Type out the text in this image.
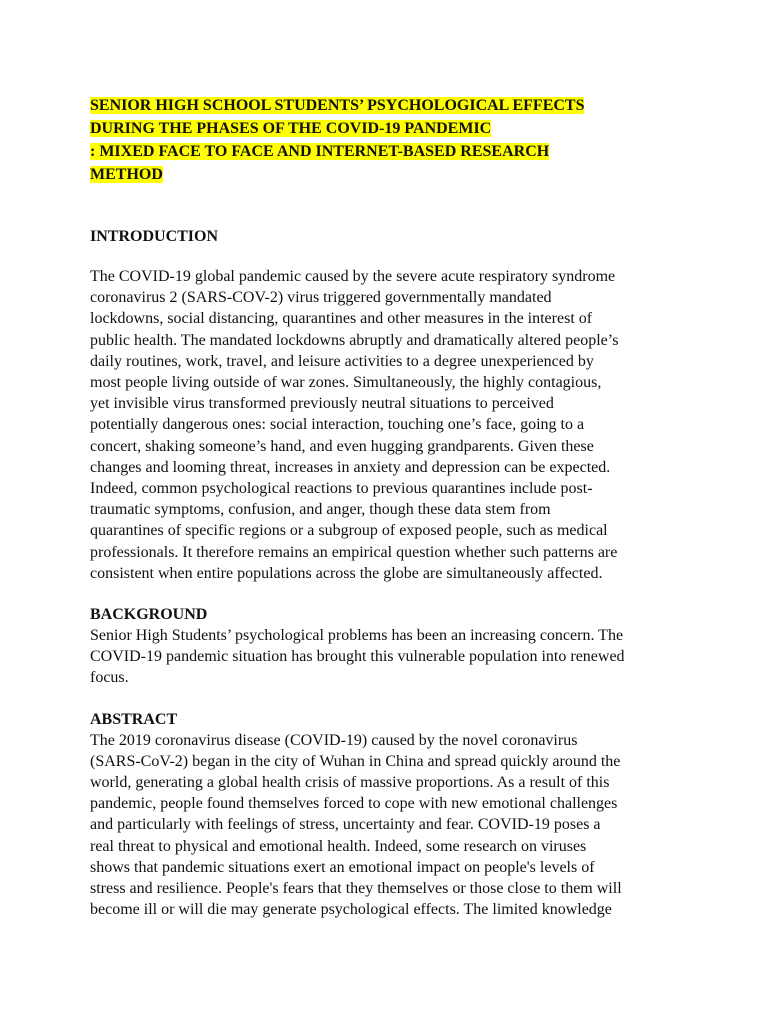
SENIOR HIGH SCHOOL STUDENTS’ PSYCHOLOGICAL EFFECTS
DURING THE PHASES OF THE COVID-19 PANDEMIC
: MIXED FACE TO FACE AND INTERNET-BASED RESEARCH
METHOD
INTRODUCTION

The COVID-19 global pandemic caused by the severe acute respiratory syndrome
coronavirus 2 (SARS-COV-2) virus triggered governmentally mandated
lockdowns, social distancing, quarantines and other measures in the interest of
public health. The mandated lockdowns abruptly and dramatically altered people’s
daily routines, work, travel, and leisure activities to a degree unexperienced by
most people living outside of war zones. Simultaneously, the highly contagious,
yet invisible virus transformed previously neutral situations to perceived
potentially dangerous ones: social interaction, touching one’s face, going to a
concert, shaking someone’s hand, and even hugging grandparents. Given these
changes and looming threat, increases in anxiety and depression can be expected.
Indeed, common psychological reactions to previous quarantines include post-
traumatic symptoms, confusion, and anger, though these data stem from
quarantines of specific regions or a subgroup of exposed people, such as medical
professionals. It therefore remains an empirical question whether such patterns are
consistent when entire populations across the globe are simultaneously affected.

BACKGROUND

Senior High Students’ psychological problems has been an increasing concern. The
COVID-19 pandemic situation has brought this vulnerable population into renewed
focus.

ABSTRACT

The 2019 coronavirus disease (COVID-19) caused by the novel coronavirus
(SARS-CoV-2) began in the city of Wuhan in China and spread quickly around the
world, generating a global health crisis of massive proportions. As a result of this
pandemic, people found themselves forced to cope with new emotional challenges
and particularly with feelings of stress, uncertainty and fear. COVID-19 poses a
real threat to physical and emotional health. Indeed, some research on viruses
shows that pandemic situations exert an emotional impact on people's levels of
stress and resilience. People's fears that they themselves or those close to them will
become ill or will die may generate psychological effects. The limited knowledge
